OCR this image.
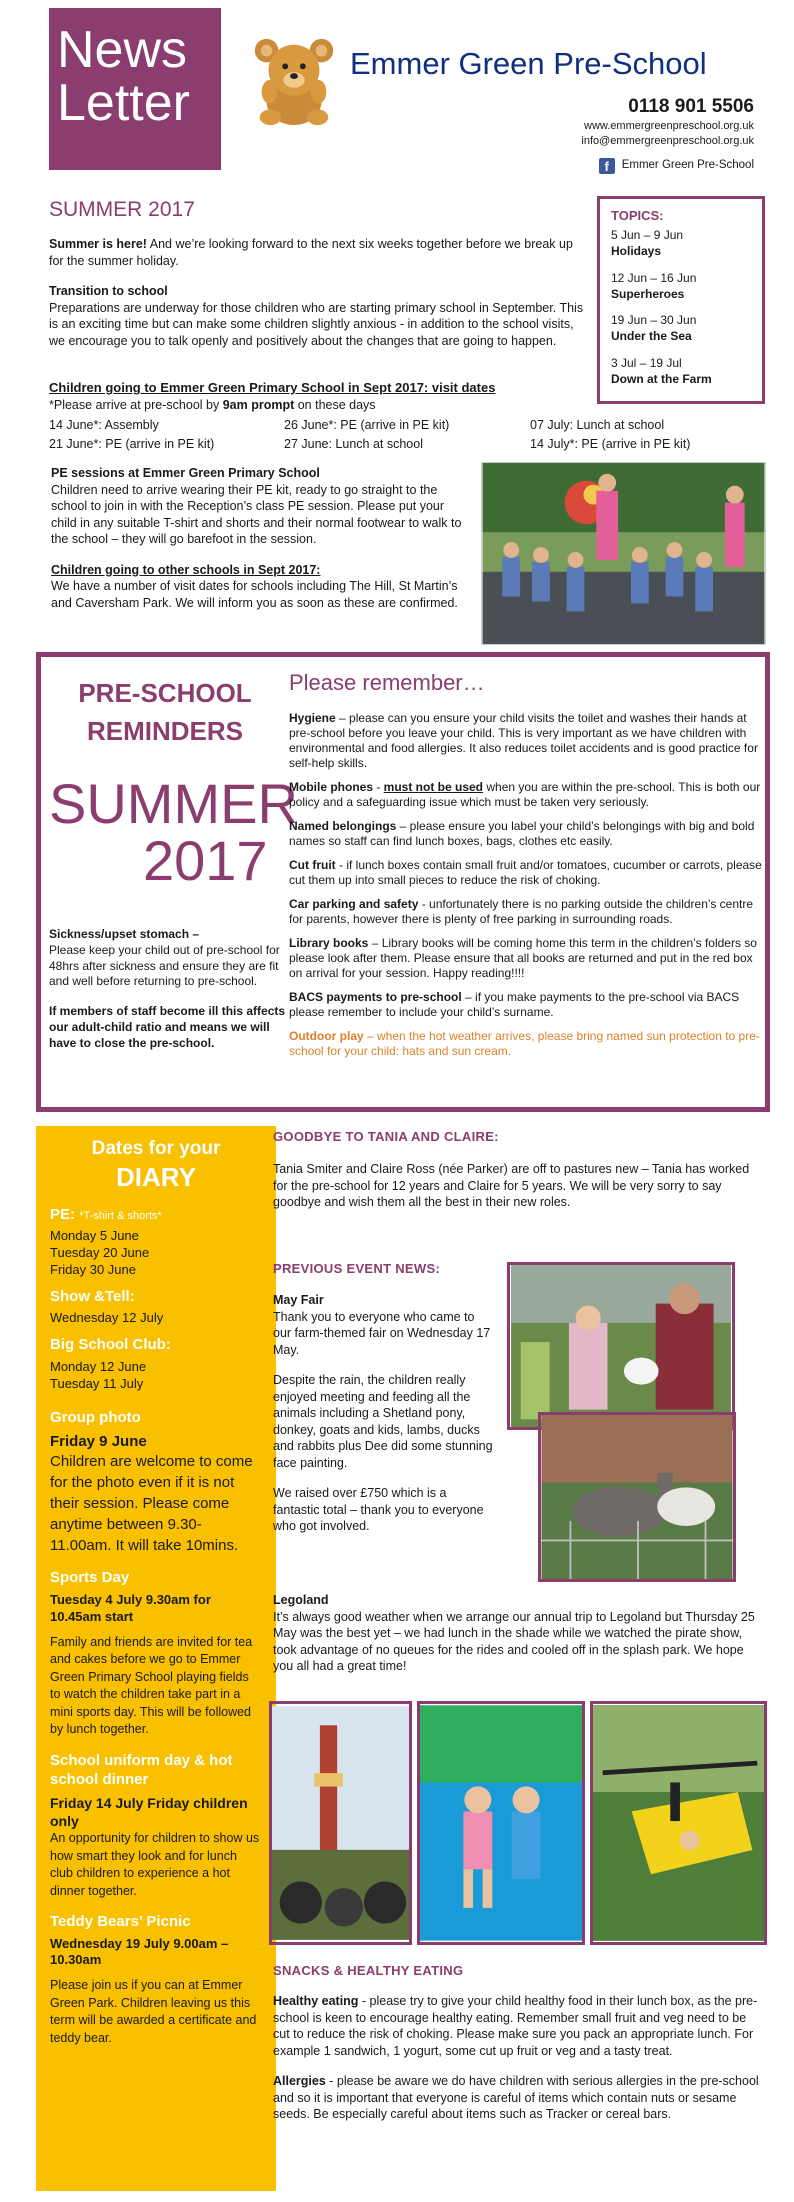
News
Letter
Emmer Green Pre-School
0118 901 5506
www.emmergreenpreschool.org.uk
info@emmergreenpreschool.org.uk
f	Emmer Green Pre-School
SUMMER 2017

Summer is here! And we’re looking forward to the next six weeks together before we break up for the summer holiday.

Transition to school

Preparations are underway for those children who are starting primary school in September. This is an exciting time but can make some children slightly anxious - in addition to the school visits, we encourage you to talk openly and positively about the changes that are going to happen.

TOPICS:
5 Jun – 9 Jun
Holidays
12 Jun – 16 Jun
Superheroes
19 Jun – 30 Jun
Under the Sea
3 Jul – 19 Jul
Down at the Farm
Children going to Emmer Green Primary School in Sept 2017: visit dates
*Please arrive at pre-school by 9am prompt on these days
14 June*: Assembly	26 June*: PE (arrive in PE kit)	07 July: Lunch at school
21 June*: PE (arrive in PE kit)	27 June: Lunch at school	14 July*: PE (arrive in PE kit)

PE sessions at Emmer Green Primary School

Children need to arrive wearing their PE kit, ready to go straight to the school to join in with the Reception’s class PE session. Please put your child in any suitable T-shirt and shorts and their normal footwear to walk to the school – they will go barefoot in the session.

Children going to other schools in Sept 2017:

We have a number of visit dates for schools including The Hill, St Martin’s and Caversham Park. We will inform you as soon as these are confirmed.

PRE-SCHOOL
REMINDERS
SUMMER
2017

Sickness/upset stomach –

Please keep your child out of pre-school for 48hrs after sickness and ensure they are fit and well before returning to pre-school.

If members of staff become ill this affects our adult-child ratio and means we will have to close the pre-school.

Please remember…
Hygiene – please can you ensure your child visits the toilet and washes their hands at pre-school before you leave your child. This is very important as we have children with environmental and food allergies. It also reduces toilet accidents and is good practice for self-help skills.
Mobile phones - must not be used when you are within the pre-school. This is both our policy and a safeguarding issue which must be taken very seriously.
Named belongings – please ensure you label your child’s belongings with big and bold names so staff can find lunch boxes, bags, clothes etc easily.
Cut fruit - if lunch boxes contain small fruit and/or tomatoes, cucumber or carrots, please cut them up into small pieces to reduce the risk of choking.
Car parking and safety - unfortunately there is no parking outside the children’s centre for parents, however there is plenty of free parking in surrounding roads.
Library books – Library books will be coming home this term in the children’s folders so please look after them. Please ensure that all books are returned and put in the red box on arrival for your session. Happy reading!!!!
BACS payments to pre-school – if you make payments to the pre-school via BACS please remember to include your child’s surname.
Outdoor play – when the hot weather arrives, please bring named sun protection to pre-school for your child: hats and sun cream.
Dates for your
DIARY
PE: *T-shirt & shorts*
Monday 5 June
Tuesday 20 June
Friday 30 June
Show &Tell:
Wednesday 12 July
Big School Club:
Monday 12 June
Tuesday 11 July
Group photo
Friday 9 June
Children are welcome to come for the photo even if it is not their session. Please come anytime between 9.30-11.00am. It will take 10mins.
Sports Day
Tuesday 4 July 9.30am for 10.45am start
Family and friends are invited for tea and cakes before we go to Emmer Green Primary School playing fields to watch the children take part in a mini sports day. This will be followed by lunch together.
School uniform day & hot school dinner
Friday 14 July Friday children only
An opportunity for children to show us how smart they look and for lunch club children to experience a hot dinner together.
Teddy Bears’ Picnic
Wednesday 19 July 9.00am – 10.30am
Please join us if you can at Emmer Green Park. Children leaving us this term will be awarded a certificate and teddy bear.
GOODBYE TO TANIA AND CLAIRE:

Tania Smiter and Claire Ross (née Parker) are off to pastures new – Tania has worked for the pre-school for 12 years and Claire for 5 years. We will be very sorry to say goodbye and wish them all the best in their new roles.

PREVIOUS EVENT NEWS:

May Fair

Thank you to everyone who came to our farm-themed fair on Wednesday 17 May.

Despite the rain, the children really enjoyed meeting and feeding all the animals including a Shetland pony, donkey, goats and kids, lambs, ducks and rabbits plus Dee did some stunning face painting.

We raised over £750 which is a fantastic total – thank you to everyone who got involved.

Legoland

It’s always good weather when we arrange our annual trip to Legoland but Thursday 25 May was the best yet – we had lunch in the shade while we watched the pirate show, took advantage of no queues for the rides and cooled off in the splash park. We hope you all had a great time!

SNACKS & HEALTHY EATING

Healthy eating - please try to give your child healthy food in their lunch box, as the pre-school is keen to encourage healthy eating. Remember small fruit and veg need to be cut to reduce the risk of choking. Please make sure you pack an appropriate lunch. For example 1 sandwich, 1 yogurt, some cut up fruit or veg and a tasty treat.

Allergies - please be aware we do have children with serious allergies in the pre-school and so it is important that everyone is careful of items which contain nuts or sesame seeds. Be especially careful about items such as Tracker or cereal bars.
